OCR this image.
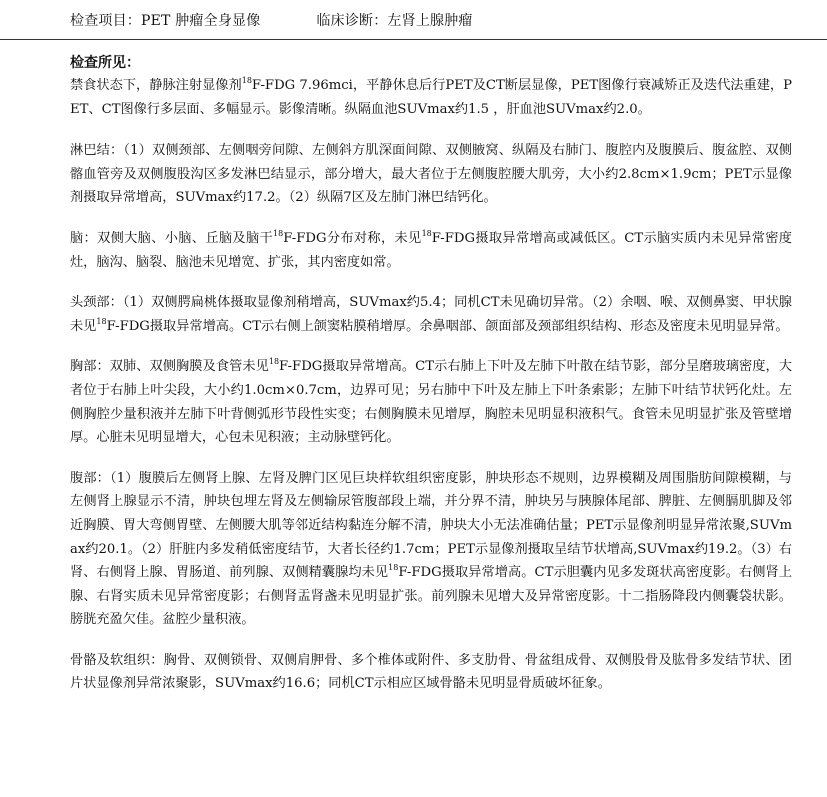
检查项目：PET 肿瘤全身显像	临床诊断：左肾上腺肿瘤
检查所见：

禁食状态下，静脉注射显像剂$^{18}$F-FDG 7.96mci，平静休息后行PET及CT断层显像，PET图像行衰减矫正及迭代法重建，PET、CT图像行多层面、多幅显示。影像清晰。纵隔血池SUVmax约1.5 ，肝血池SUVmax约2.0。

淋巴结：（1）双侧颈部、左侧咽旁间隙、左侧斜方肌深面间隙、双侧腋窝、纵隔及右肺门、腹腔内及腹膜后、腹盆腔、双侧髂血管旁及双侧腹股沟区多发淋巴结显示，部分增大，最大者位于左侧腹腔腰大肌旁，大小约2.8cm×1.9cm；PET示显像剂摄取异常增高，SUVmax约17.2。（2）纵隔7区及左肺门淋巴结钙化。

脑：双侧大脑、小脑、丘脑及脑干$^{18}$F-FDG分布对称，未见$^{18}$F-FDG摄取异常增高或减低区。CT示脑实质内未见异常密度灶，脑沟、脑裂、脑池未见增宽、扩张，其内密度如常。

头颈部：（1）双侧腭扁桃体摄取显像剂稍增高，SUVmax约5.4；同机CT未见确切异常。（2）余咽、喉、双侧鼻窦、甲状腺未见$^{18}$F-FDG摄取异常增高。CT示右侧上颌窦粘膜稍增厚。余鼻咽部、颌面部及颈部组织结构、形态及密度未见明显异常。

胸部：双肺、双侧胸膜及食管未见$^{18}$F-FDG摄取异常增高。CT示右肺上下叶及左肺下叶散在结节影，部分呈磨玻璃密度，大者位于右肺上叶尖段，大小约1.0cm×0.7cm，边界可见；另右肺中下叶及左肺上下叶条索影；左肺下叶结节状钙化灶。左侧胸腔少量积液并左肺下叶背侧弧形节段性实变；右侧胸膜未见增厚，胸腔未见明显积液积气。食管未见明显扩张及管壁增厚。心脏未见明显增大，心包未见积液；主动脉壁钙化。

腹部：（1）腹膜后左侧肾上腺、左肾及脾门区见巨块样软组织密度影，肿块形态不规则，边界模糊及周围脂肪间隙模糊，与左侧肾上腺显示不清，肿块包埋左肾及左侧输尿管腹部段上端，并分界不清，肿块另与胰腺体尾部、脾脏、左侧膈肌脚及邻近胸膜、胃大弯侧胃壁、左侧腰大肌等邻近结构黏连分解不清，肿块大小无法准确估量；PET示显像剂明显异常浓聚,SUVmax约20.1。（2）肝脏内多发稍低密度结节，大者长径约1.7cm；PET示显像剂摄取呈结节状增高,SUVmax约19.2。（3）右肾、右侧肾上腺、胃肠道、前列腺、双侧精囊腺均未见$^{18}$F-FDG摄取异常增高。CT示胆囊内见多发斑状高密度影。右侧肾上腺、右肾实质未见异常密度影；右侧肾盂肾盏未见明显扩张。前列腺未见增大及异常密度影。十二指肠降段内侧囊袋状影。膀胱充盈欠佳。盆腔少量积液。

骨骼及软组织：胸骨、双侧锁骨、双侧肩胛骨、多个椎体或附件、多支肋骨、骨盆组成骨、双侧股骨及肱骨多发结节状、团片状显像剂异常浓聚影，SUVmax约16.6；同机CT示相应区域骨骼未见明显骨质破坏征象。
